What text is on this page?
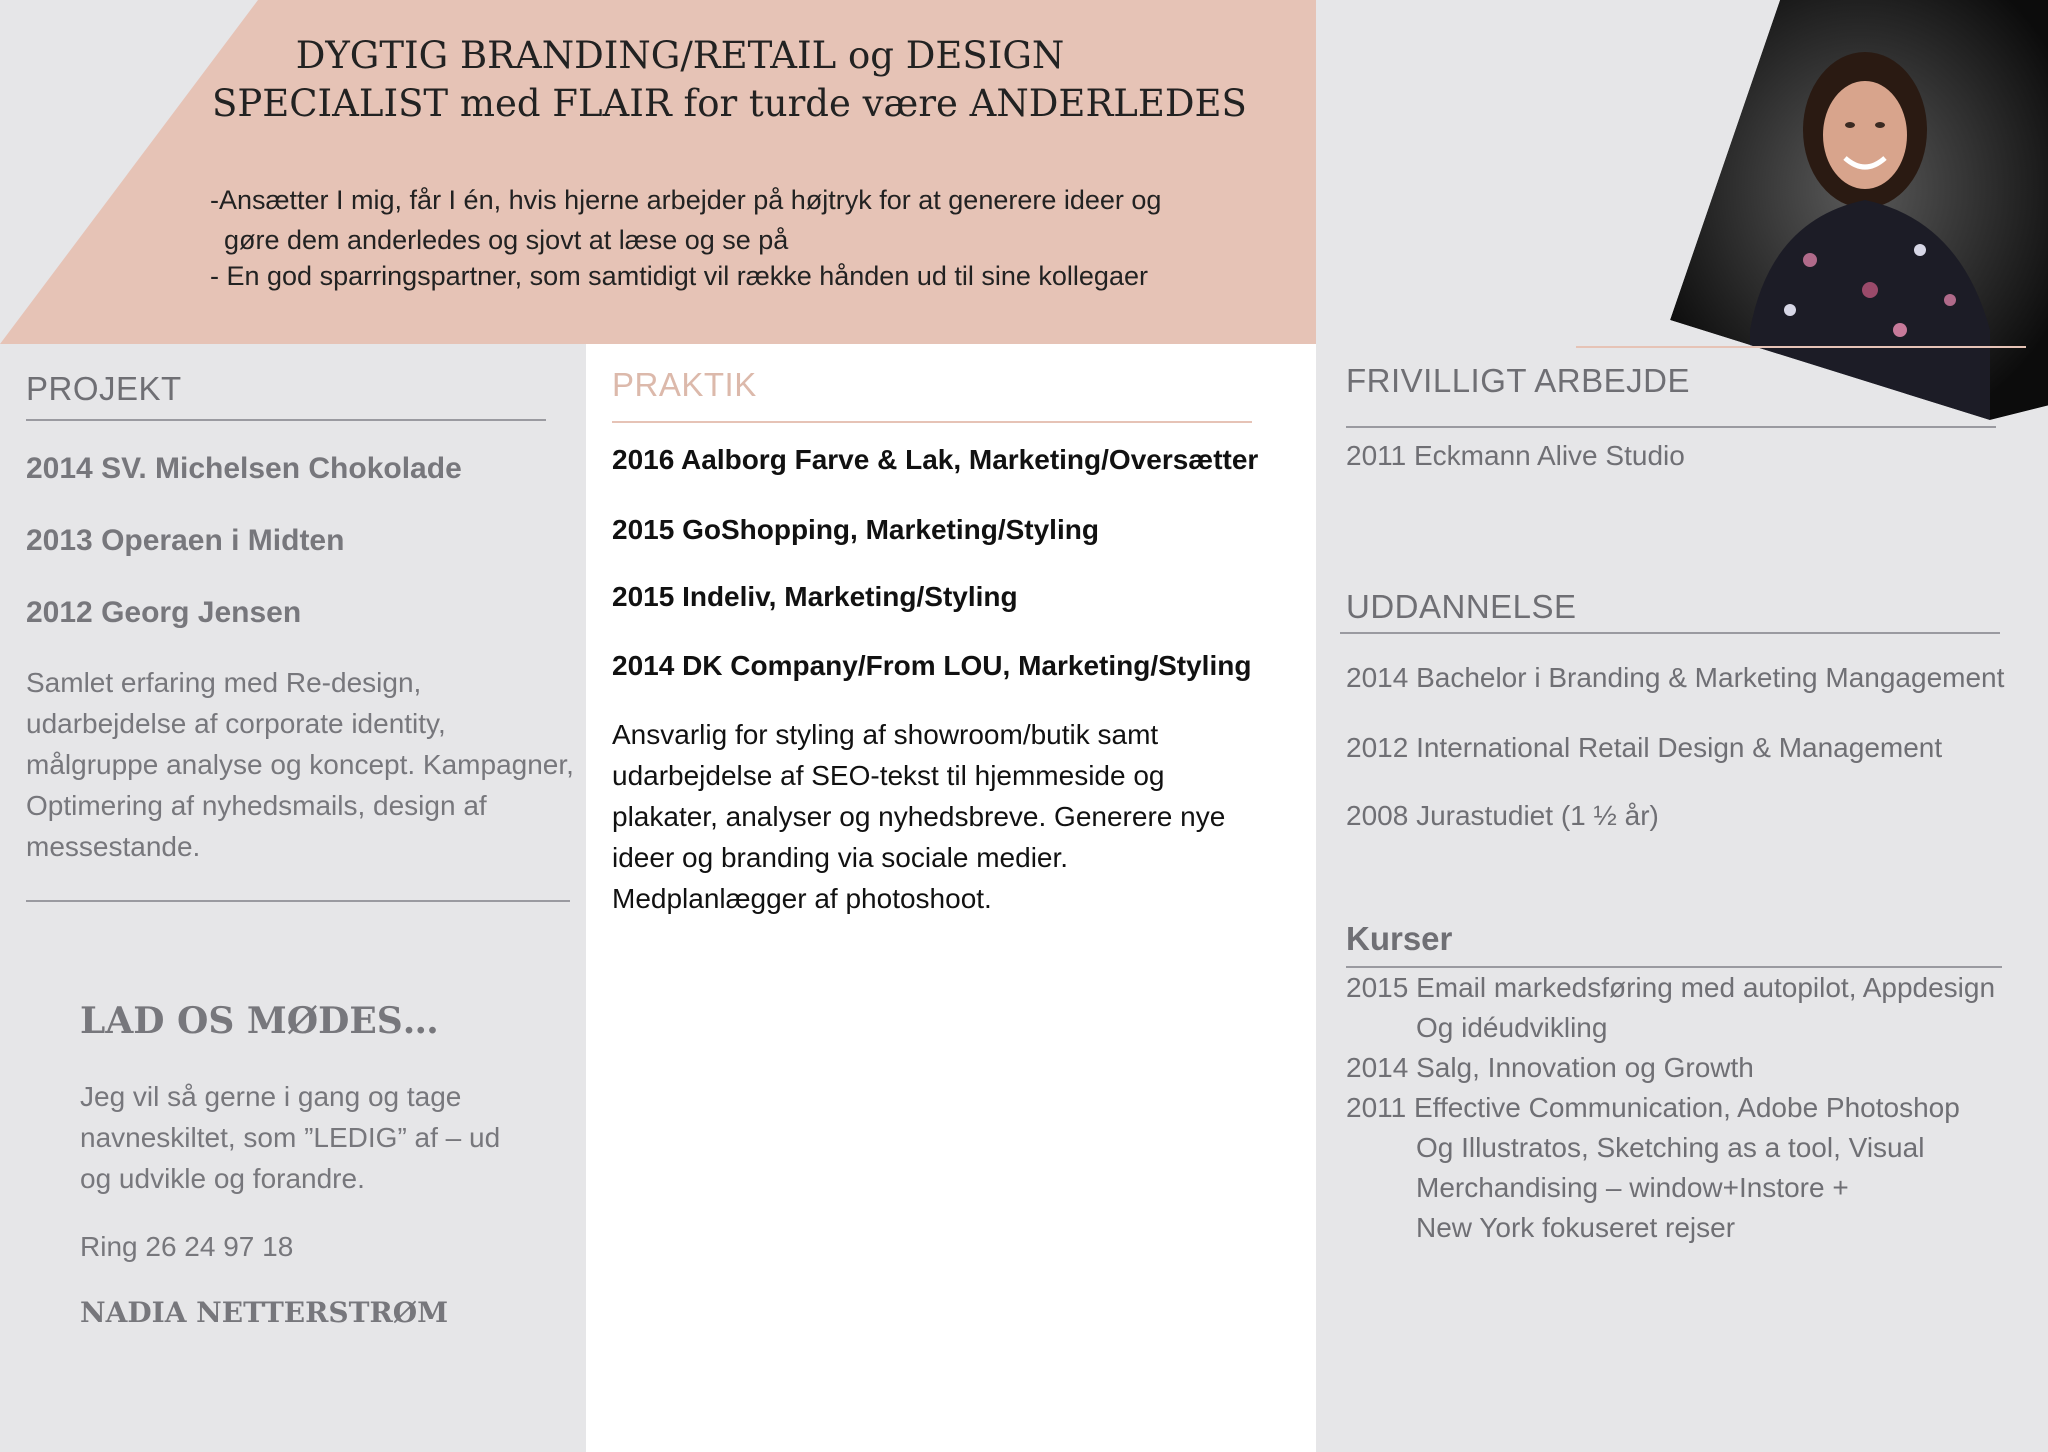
DYGTIG BRANDING/RETAIL og DESIGN
SPECIALIST med FLAIR for turde være ANDERLEDES
-Ansætter I mig, får I én, hvis hjerne arbejder på højtryk for at generere ideer og
gøre dem anderledes og sjovt at læse og se på
- En god sparringspartner, som samtidigt vil række hånden ud til sine kollegaer
PROJEKT
2014 SV. Michelsen Chokolade
2013 Operaen i Midten
2012 Georg Jensen
Samlet erfaring med Re-design,
udarbejdelse af corporate identity,
målgruppe analyse og koncept. Kampagner,
Optimering af nyhedsmails, design af
messestande.
LAD OS MØDES…
Jeg vil så gerne i gang og tage
navneskiltet, som ”LEDIG” af – ud
og udvikle og forandre.
Ring 26 24 97 18
NADIA NETTERSTRØM
PRAKTIK
2016 Aalborg Farve & Lak, Marketing/Oversætter
2015 GoShopping, Marketing/Styling
2015 Indeliv, Marketing/Styling
2014 DK Company/From LOU, Marketing/Styling
Ansvarlig for styling af showroom/butik samt
udarbejdelse af SEO-tekst til hjemmeside og
plakater, analyser og nyhedsbreve. Generere nye
ideer og branding via sociale medier.
Medplanlægger af photoshoot.
FRIVILLIGT ARBEJDE
2011 Eckmann Alive Studio
UDDANNELSE
2014 Bachelor i Branding & Marketing Mangagement
2012 International Retail Design & Management
2008 Jurastudiet (1 ½ år)
Kurser
2015 Email markedsføring med autopilot, Appdesign
Og idéudvikling
2014 Salg, Innovation og Growth
2011 Effective Communication, Adobe Photoshop
Og Illustratos, Sketching as a tool, Visual
Merchandising – window+Instore +
New York fokuseret rejser
